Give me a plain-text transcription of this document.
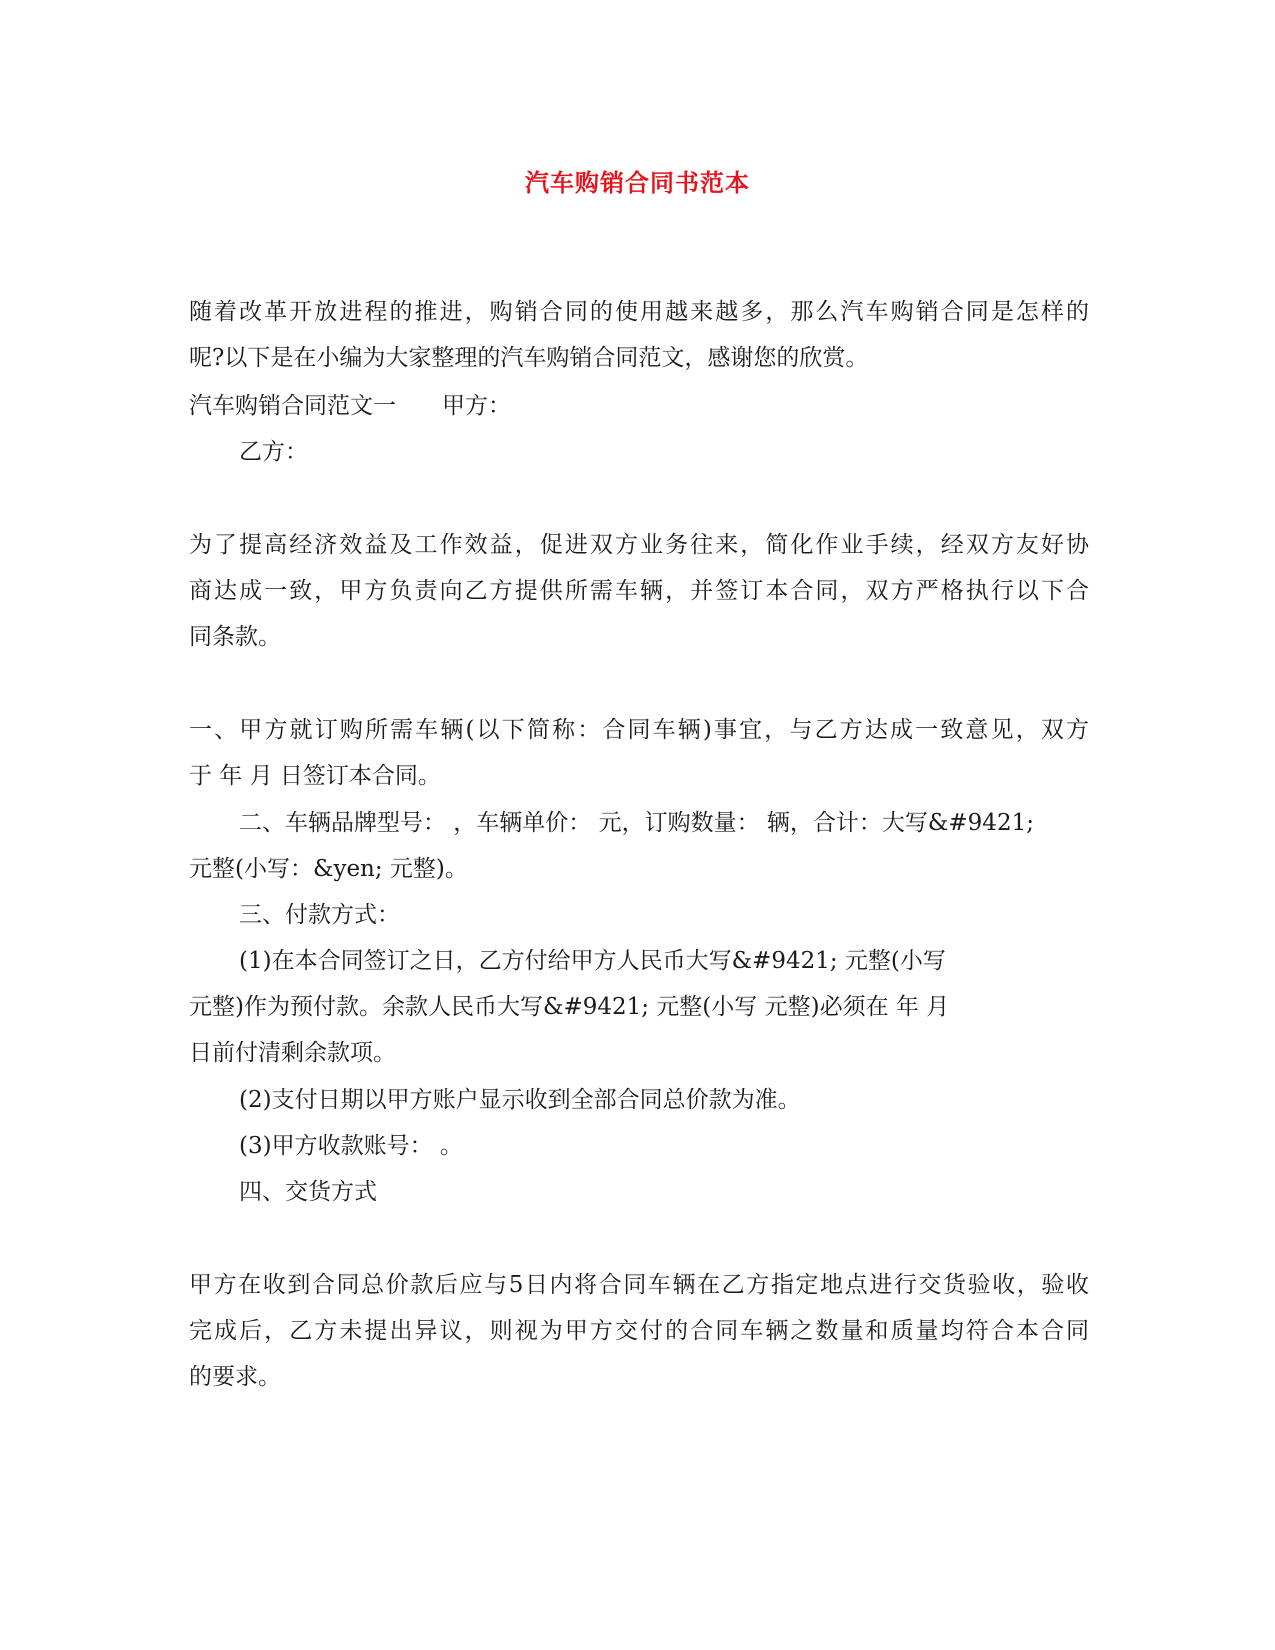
汽车购销合同书范本
随着改革开放进程的推进，购销合同的使用越来越多，那么汽车购销合同是怎样的
呢?以下是在小编为大家整理的汽车购销合同范文，感谢您的欣赏。
汽车购销合同范文一　　甲方：
乙方：
为了提高经济效益及工作效益，促进双方业务往来，简化作业手续，经双方友好协
商达成一致，甲方负责向乙方提供所需车辆，并签订本合同，双方严格执行以下合
同条款。
一、甲方就订购所需车辆(以下简称：合同车辆)事宜，与乙方达成一致意见，双方
于 年 月 日签订本合同。
二、车辆品牌型号： ，车辆单价： 元，订购数量： 辆，合计：大写&#9421;
元整(小写：&yen; 元整)。
三、付款方式：
(1)在本合同签订之日，乙方付给甲方人民币大写&#9421; 元整(小写
元整)作为预付款。余款人民币大写&#9421; 元整(小写 元整)必须在 年 月
日前付清剩余款项。
(2)支付日期以甲方账户显示收到全部合同总价款为准。
(3)甲方收款账号： 。
四、交货方式
甲方在收到合同总价款后应与5日内将合同车辆在乙方指定地点进行交货验收，验收
完成后，乙方未提出异议，则视为甲方交付的合同车辆之数量和质量均符合本合同
的要求。
